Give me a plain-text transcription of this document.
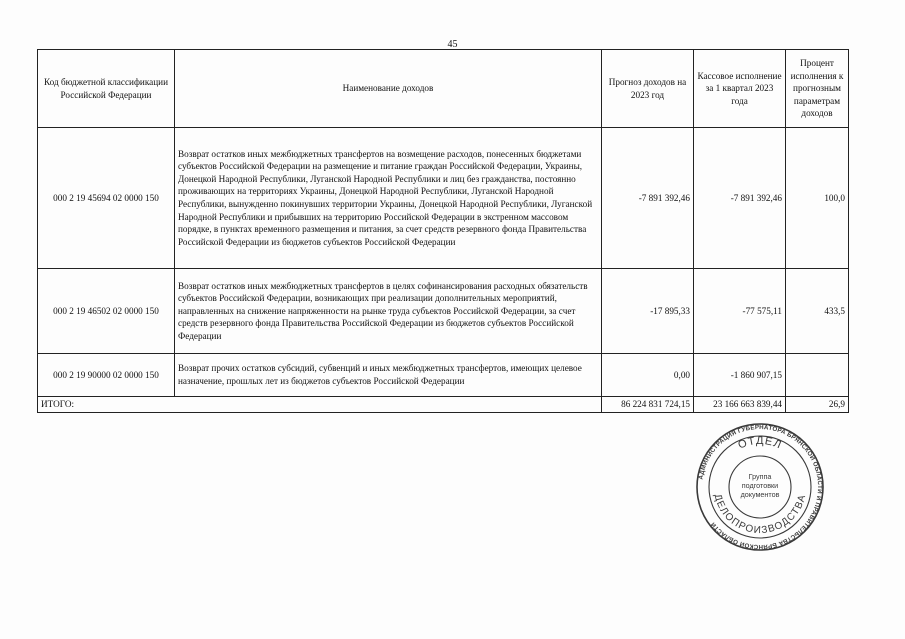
45
Код бюджетной классификации Российской Федерации	Наименование доходов	Прогноз доходов на 2023 год	Кассовое исполнение за 1 квартал 2023 года	Процент исполнения к прогнозным параметрам доходов
000 2 19 45694 02 0000 150	Возврат остатков иных межбюджетных трансфертов на возмещение расходов, понесенных бюджетами субъектов Российской Федерации на размещение и питание граждан Российской Федерации, Украины, Донецкой Народной Республики, Луганской Народной Республики и лиц без гражданства, постоянно проживающих на территориях Украины, Донецкой Народной Республики, Луганской Народной Республики, вынужденно покинувших территории Украины, Донецкой Народной Республики, Луганской Народной Республики и прибывших на территорию Российской Федерации в экстренном массовом порядке, в пунктах временного размещения и питания, за счет средств резервного фонда Правительства Российской Федерации из бюджетов субъектов Российской Федерации	-7 891 392,46	-7 891 392,46	100,0
000 2 19 46502 02 0000 150	Возврат остатков иных межбюджетных трансфертов в целях софинансирования расходных обязательств субъектов Российской Федерации, возникающих при реализации дополнительных мероприятий, направленных на снижение напряженности на рынке труда субъектов Российской Федерации, за счет средств резервного фонда Правительства Российской Федерации из бюджетов субъектов Российской Федерации	-17 895,33	-77 575,11	433,5
000 2 19 90000 02 0000 150	Возврат прочих остатков субсидий, субвенций и иных межбюджетных трансфертов, имеющих целевое назначение, прошлых лет из бюджетов субъектов Российской Федерации	0,00	-1 860 907,15	
ИТОГО:		86 224 831 724,15	23 166 663 839,44	26,9
АДМИНИСТРАЦИЯ ГУБЕРНАТОРА БРЯНСКОЙ ОБЛАСТИ И ПРАВИТЕЛЬСТВА БРЯНСКОЙ ОБЛАСТИ
ОТДЕЛ
ДЕЛОПРОИЗВОДСТВА
Группа
подготовки
документов
